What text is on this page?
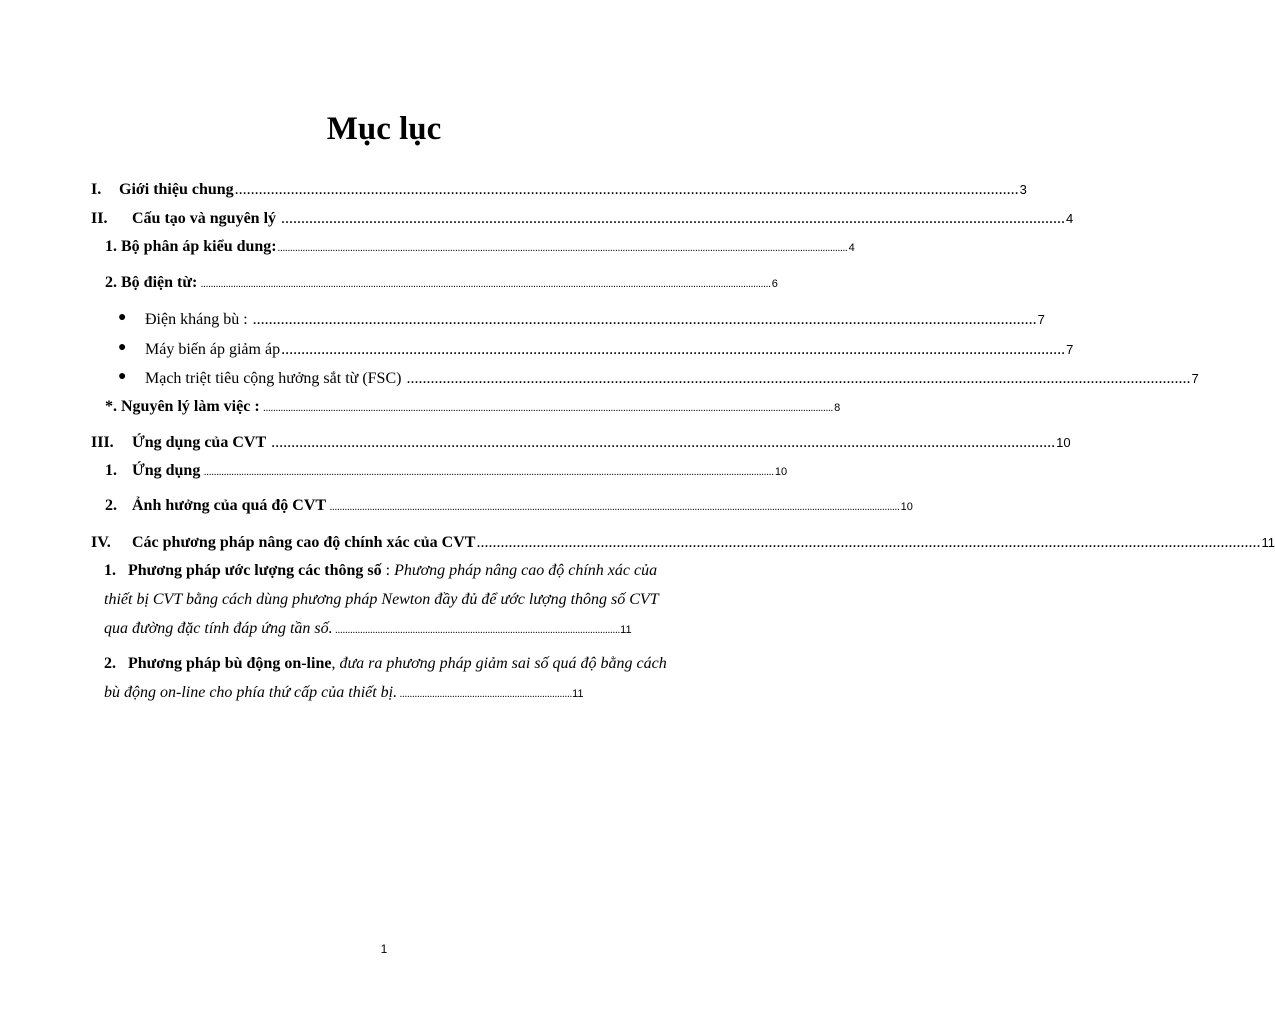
Mục lục
I.	Giới thiệu chung .................................................................................................................................................................................................... 3
II.	Cấu tạo và nguyên lý .................................................................................................................................................................................................... 4
1. Bộ phân áp kiểu dung: .................................................................................................................................................................................................................................... 4
2. Bộ điện từ: .................................................................................................................................................................................................................................... 6
● Điện kháng bù : .................................................................................................................................................................................................... 7
● Máy biến áp giảm áp .................................................................................................................................................................................................... 7
● Mạch triệt tiêu cộng hưởng sắt từ (FSC) .................................................................................................................................................................................................... 7
*. Nguyên lý làm việc : .................................................................................................................................................................................................................................... 8
III.	Ứng dụng của CVT .................................................................................................................................................................................................... 10
1. Ứng dụng .................................................................................................................................................................................................................................... 10
2. Ảnh hưởng của quá độ CVT .................................................................................................................................................................................................................................... 10
IV.	Các phương pháp nâng cao độ chính xác của CVT .................................................................................................................................................................................................... 11
1. Phương pháp ước lượng các thông số : Phương pháp nâng cao độ chính xác của thiết bị CVT bằng cách dùng phương pháp Newton đầy đủ để ước lượng thông số CVT qua đường đặc tính đáp ứng tần số. ..................................................................................................................11
2. Phương pháp bù động on-line, đưa ra phương pháp giảm sai số quá độ bằng cách bù động on-line cho phía thứ cấp của thiết bị. .....................................................................11
1
